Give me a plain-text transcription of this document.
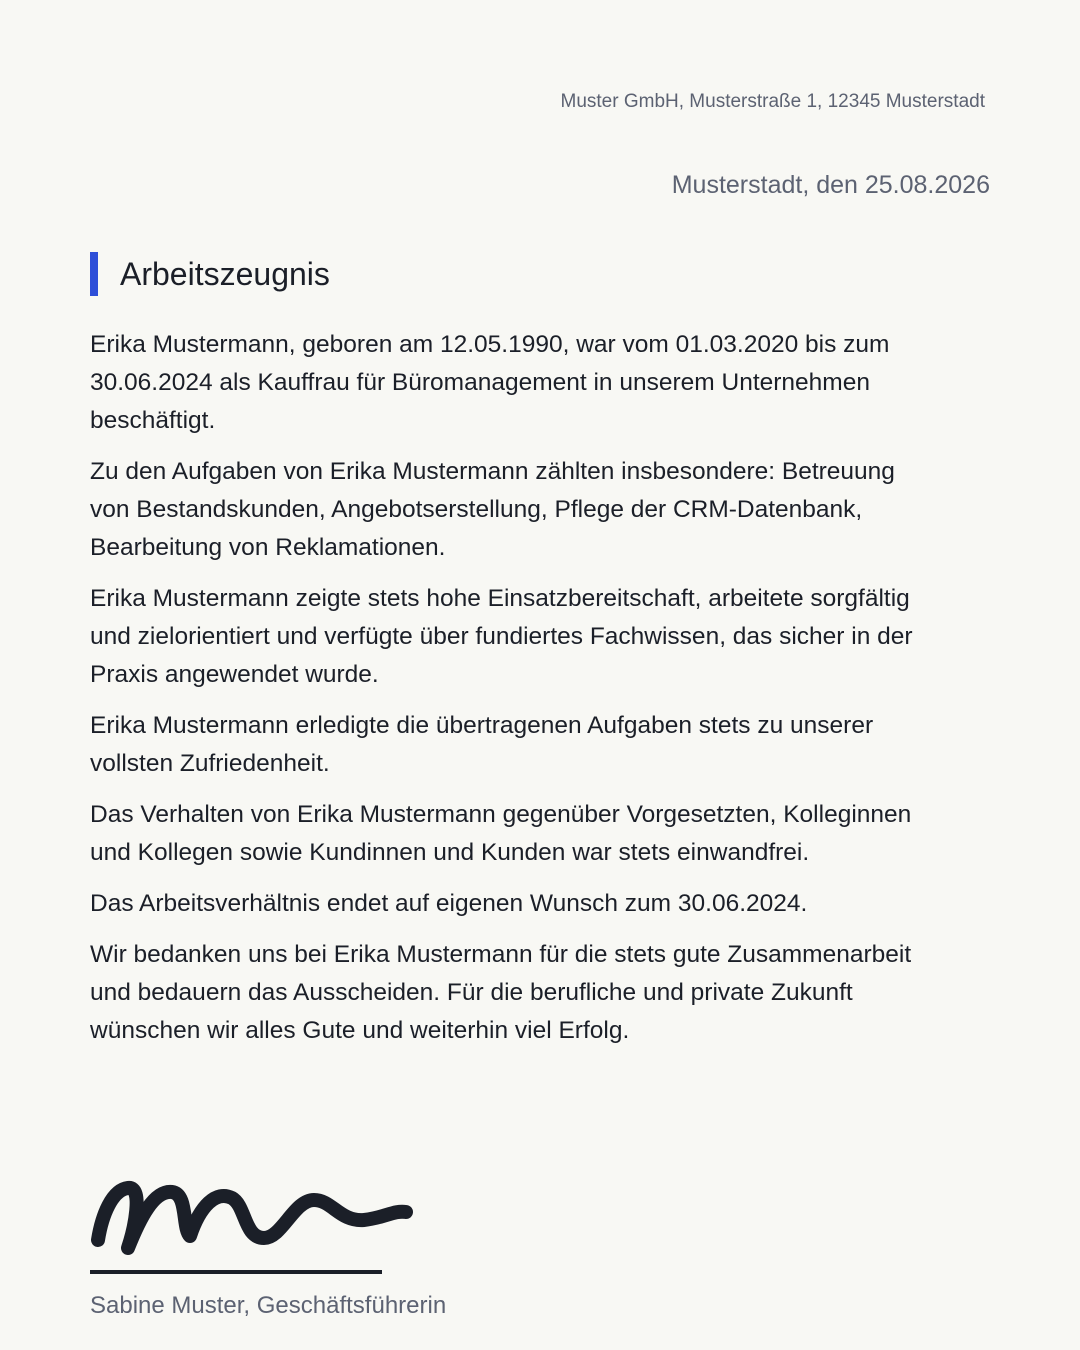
Muster GmbH, Musterstraße 1, 12345 Musterstadt
Musterstadt, den 25.08.2026
Arbeitszeugnis

Erika Mustermann, geboren am 12.05.1990, war vom 01.03.2020 bis zum 30.06.2024 als Kauffrau für Büromanagement in unserem Unternehmen beschäftigt.

Zu den Aufgaben von Erika Mustermann zählten insbesondere: Betreuung von Bestandskunden, Angebotserstellung, Pflege der CRM-Datenbank, Bearbeitung von Reklamationen.

Erika Mustermann zeigte stets hohe Einsatzbereitschaft, arbeitete sorgfältig und zielorientiert und verfügte über fundiertes Fachwissen, das sicher in der Praxis angewendet wurde.

Erika Mustermann erledigte die übertragenen Aufgaben stets zu unserer vollsten Zufriedenheit.

Das Verhalten von Erika Mustermann gegenüber Vorgesetzten, Kolleginnen und Kollegen sowie Kundinnen und Kunden war stets einwandfrei.

Das Arbeitsverhältnis endet auf eigenen Wunsch zum 30.06.2024.

Wir bedanken uns bei Erika Mustermann für die stets gute Zusammenarbeit und bedauern das Ausscheiden. Für die berufliche und private Zukunft wünschen wir alles Gute und weiterhin viel Erfolg.

Sabine Muster, Geschäftsführerin
